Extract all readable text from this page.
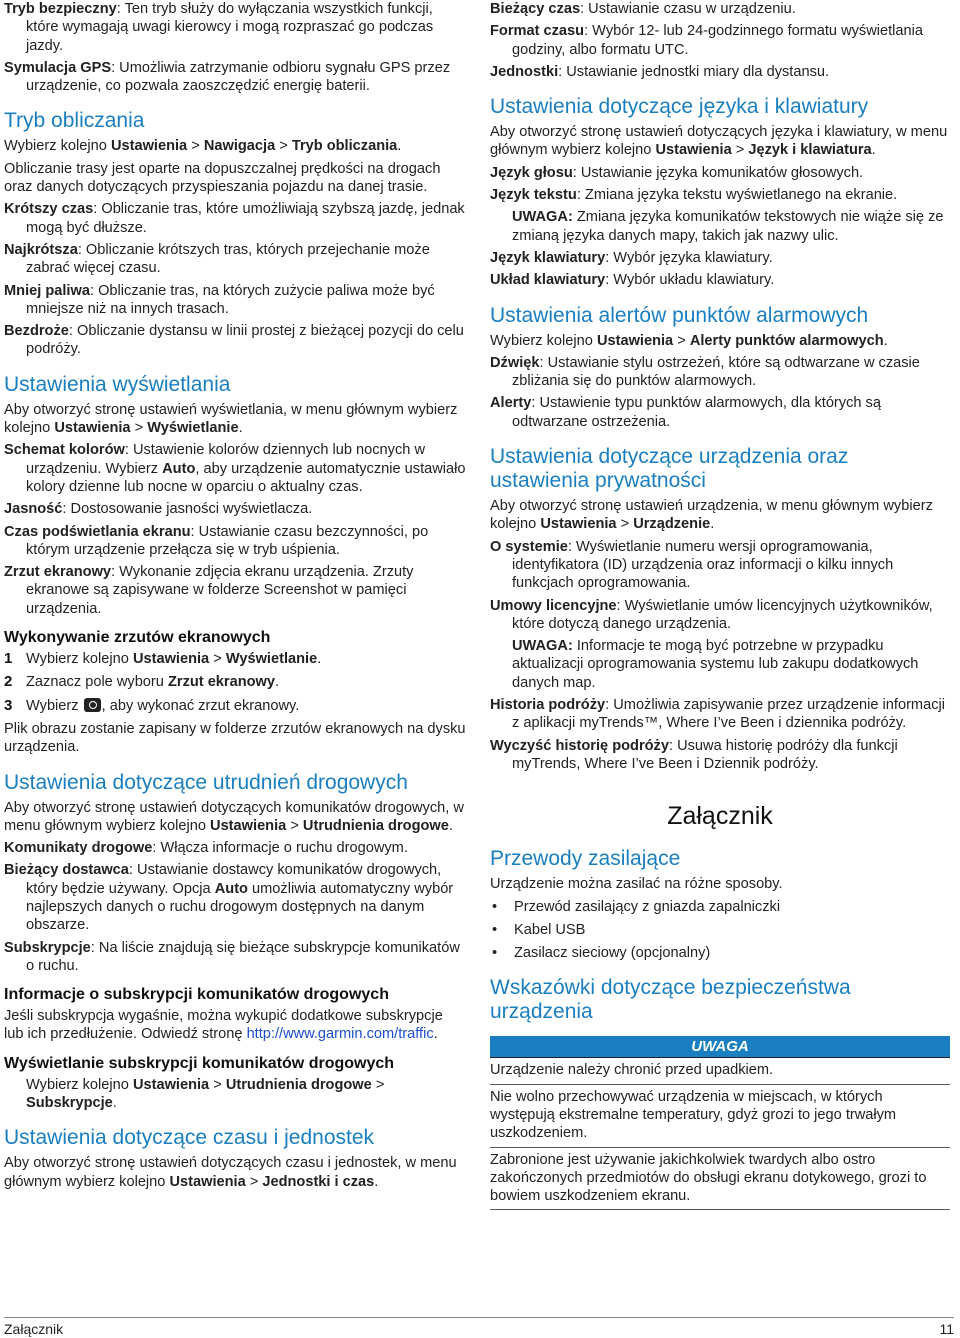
Tryb bezpieczny: Ten tryb służy do wyłączania wszystkich funkcji, które wymagają uwagi kierowcy i mogą rozpraszać go podczas jazdy.

Symulacja GPS: Umożliwia zatrzymanie odbioru sygnału GPS przez urządzenie, co pozwala zaoszczędzić energię baterii.

Tryb obliczania

Wybierz kolejno Ustawienia > Nawigacja > Tryb obliczania.

Obliczanie trasy jest oparte na dopuszczalnej prędkości na drogach oraz danych dotyczących przyspieszania pojazdu na danej trasie.

Krótszy czas: Obliczanie tras, które umożliwiają szybszą jazdę, jednak mogą być dłuższe.

Najkrótsza: Obliczanie krótszych tras, których przejechanie może zabrać więcej czasu.

Mniej paliwa: Obliczanie tras, na których zużycie paliwa może być mniejsze niż na innych trasach.

Bezdroże: Obliczanie dystansu w linii prostej z bieżącej pozycji do celu podróży.

Ustawienia wyświetlania

Aby otworzyć stronę ustawień wyświetlania, w menu głównym wybierz kolejno Ustawienia > Wyświetlanie.

Schemat kolorów: Ustawienie kolorów dziennych lub nocnych w urządzeniu. Wybierz Auto, aby urządzenie automatycznie ustawiało kolory dzienne lub nocne w oparciu o aktualny czas.

Jasność: Dostosowanie jasności wyświetlacza.

Czas podświetlania ekranu: Ustawianie czasu bezczynności, po którym urządzenie przełącza się w tryb uśpienia.

Zrzut ekranowy: Wykonanie zdjęcia ekranu urządzenia. Zrzuty ekranowe są zapisywane w folderze Screenshot w pamięci urządzenia.

Wykonywanie zrzutów ekranowych
1 Wybierz kolejno Ustawienia > Wyświetlanie.
2 Zaznacz pole wyboru Zrzut ekranowy.
3 Wybierz , aby wykonać zrzut ekranowy.

Plik obrazu zostanie zapisany w folderze zrzutów ekranowych na dysku urządzenia.

Ustawienia dotyczące utrudnień drogowych

Aby otworzyć stronę ustawień dotyczących komunikatów drogowych, w menu głównym wybierz kolejno Ustawienia > Utrudnienia drogowe.

Komunikaty drogowe: Włącza informacje o ruchu drogowym.

Bieżący dostawca: Ustawianie dostawcy komunikatów drogowych, który będzie używany. Opcja Auto umożliwia automatyczny wybór najlepszych danych o ruchu drogowym dostępnych na danym obszarze.

Subskrypcje: Na liście znajdują się bieżące subskrypcje komunikatów o ruchu.

Informacje o subskrypcji komunikatów drogowych

Jeśli subskrypcja wygaśnie, można wykupić dodatkowe subskrypcje lub ich przedłużenie. Odwiedź stronę http://www.garmin.com/traffic.

Wyświetlanie subskrypcji komunikatów drogowych

Wybierz kolejno Ustawienia > Utrudnienia drogowe > Subskrypcje.

Ustawienia dotyczące czasu i jednostek

Aby otworzyć stronę ustawień dotyczących czasu i jednostek, w menu głównym wybierz kolejno Ustawienia > Jednostki i czas.

Bieżący czas: Ustawianie czasu w urządzeniu.

Format czasu: Wybór 12- lub 24-godzinnego formatu wyświetlania godziny, albo formatu UTC.

Jednostki: Ustawianie jednostki miary dla dystansu.

Ustawienia dotyczące języka i klawiatury

Aby otworzyć stronę ustawień dotyczących języka i klawiatury, w menu głównym wybierz kolejno Ustawienia > Język i klawiatura.

Język głosu: Ustawianie języka komunikatów głosowych.

Język tekstu: Zmiana języka tekstu wyświetlanego na ekranie.

UWAGA: Zmiana języka komunikatów tekstowych nie wiąże się ze zmianą języka danych mapy, takich jak nazwy ulic.

Język klawiatury: Wybór języka klawiatury.

Układ klawiatury: Wybór układu klawiatury.

Ustawienia alertów punktów alarmowych

Wybierz kolejno Ustawienia > Alerty punktów alarmowych.

Dźwięk: Ustawianie stylu ostrzeżeń, które są odtwarzane w czasie zbliżania się do punktów alarmowych.

Alerty: Ustawienie typu punktów alarmowych, dla których są odtwarzane ostrzeżenia.

Ustawienia dotyczące urządzenia oraz ustawienia prywatności

Aby otworzyć stronę ustawień urządzenia, w menu głównym wybierz kolejno Ustawienia > Urządzenie.

O systemie: Wyświetlanie numeru wersji oprogramowania, identyfikatora (ID) urządzenia oraz informacji o kilku innych funkcjach oprogramowania.

Umowy licencyjne: Wyświetlanie umów licencyjnych użytkowników, które dotyczą danego urządzenia.

UWAGA: Informacje te mogą być potrzebne w przypadku aktualizacji oprogramowania systemu lub zakupu dodatkowych danych map.

Historia podróży: Umożliwia zapisywanie przez urządzenie informacji z aplikacji myTrends™, Where I’ve Been i dziennika podróży.

Wyczyść historię podróży: Usuwa historię podróży dla funkcji myTrends, Where I’ve Been i Dziennik podróży.

Załącznik
Przewody zasilające

Urządzenie można zasilać na różne sposoby.

•	Przewód zasilający z gniazda zapalniczki
•	Kabel USB
•	Zasilacz sieciowy (opcjonalny)
Wskazówki dotyczące bezpieczeństwa urządzenia
UWAGA

Urządzenie należy chronić przed upadkiem.

Nie wolno przechowywać urządzenia w miejscach, w których występują ekstremalne temperatury, gdyż grozi to jego trwałym uszkodzeniem.

Zabronione jest używanie jakichkolwiek twardych albo ostro zakończonych przedmiotów do obsługi ekranu dotykowego, grozi to bowiem uszkodzeniem ekranu.

Załącznik	11
